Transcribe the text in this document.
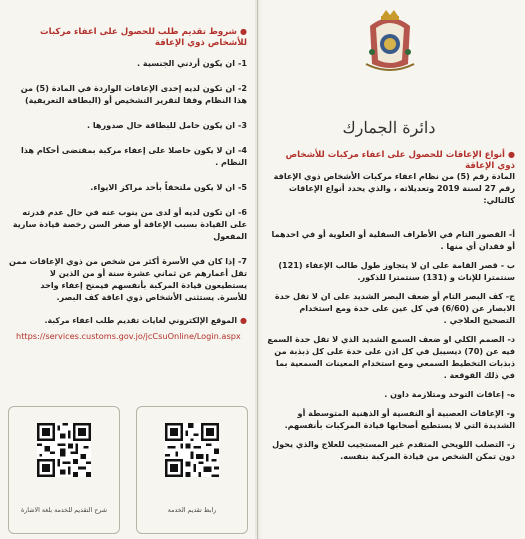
●شروط تقديم طلب للحصول على اعفاء مركبات للأشخاص ذوي الإعاقة
1-ان يكون أردني الجنسية .
2-ان تكون لديه إحدى الإعاقات الواردة في المادة (5) من هذا النظام وفقا لتقرير التشخيص أو (البطاقة التعريفية)
3-ان يكون حامل للبطاقة حال صدورها .
4-ان لا يكون حاصلا على إعفاء مركبة بمقتضى أحكام هذا النظام .
5-ان لا يكون ملتحقاً بأحد مراكز الايواء.
6-ان تكون لديه أو لدى من ينوب عنه في حال عدم قدرته على القيادة بسبب الإعاقة أو صغر السن رخصة قيادة سارية المفعول
7-إذا كان في الأسرة أكثر من شخص من ذوي الإعاقات ممن تقل أعمارهم عن ثماني عشرة سنة أو من الذين لا يستطيعون قيادة المركبة بأنفسهم فيمنح إعفاء واحد للأسرة. يستثنى الأشخاص ذوي اعاقة كف البصر.
●الموقع الإلكتروني لغايات تقديم طلب اعفاء مركبة.
https://services.customs.gov.jo/jcCsuOnline/Login.aspx
شرح التقديم للخدمة بلغة الاشارة	رابط تقديم الخدمة
دائرة الجمارك
●أنواع الإعاقات للحصول على اعفاء مركبات للأشخاص ذوي الإعاقة
المادة رقم (5) من نظام اعفاء مركبات الأشخاص ذوي الإعاقة رقم 27 لسنة 2019 وتعديلاته ، والذي يحدد أنواع الإعاقات كالتالي:
أ- القصور التام في الأطراف السفلية أو العلوية أو في احدهما أو فقدان أي منها .
ب - قصر القامة على ان لا يتجاوز طول طالب الإعفاء (121) سنتمترا للإناث و (131) سنتمترا للذكور.
ج- كف البصر التام أو ضعف البصر الشديد على ان لا تقل حدة الابصار عن (6/60) في كل عين على حدة ومع استخدام التصحيح العلاجي .
د- الصمم الكلي او ضعف السمع الشديد الذي لا تقل حدة السمع فيه عن (70) ديسيبل في كل اذن على حدة على كل ذبذبة من ذبذبات التخطيط السمعي ومع استخدام المعينات السمعية بما في ذلك القوقعة .
ه- إعاقات التوحد ومتلازمة داون .
و- الإعاقات العصبية أو النفسية أو الذهنية المتوسطة أو الشديدة التي لا يستطيع أصحابها قيادة المركبات بأنفسهم.
ز- التصلب اللويحي المتقدم غير المستجيب للعلاج والذي يحول دون تمكن الشخص من قيادة المركبة بنفسه.
